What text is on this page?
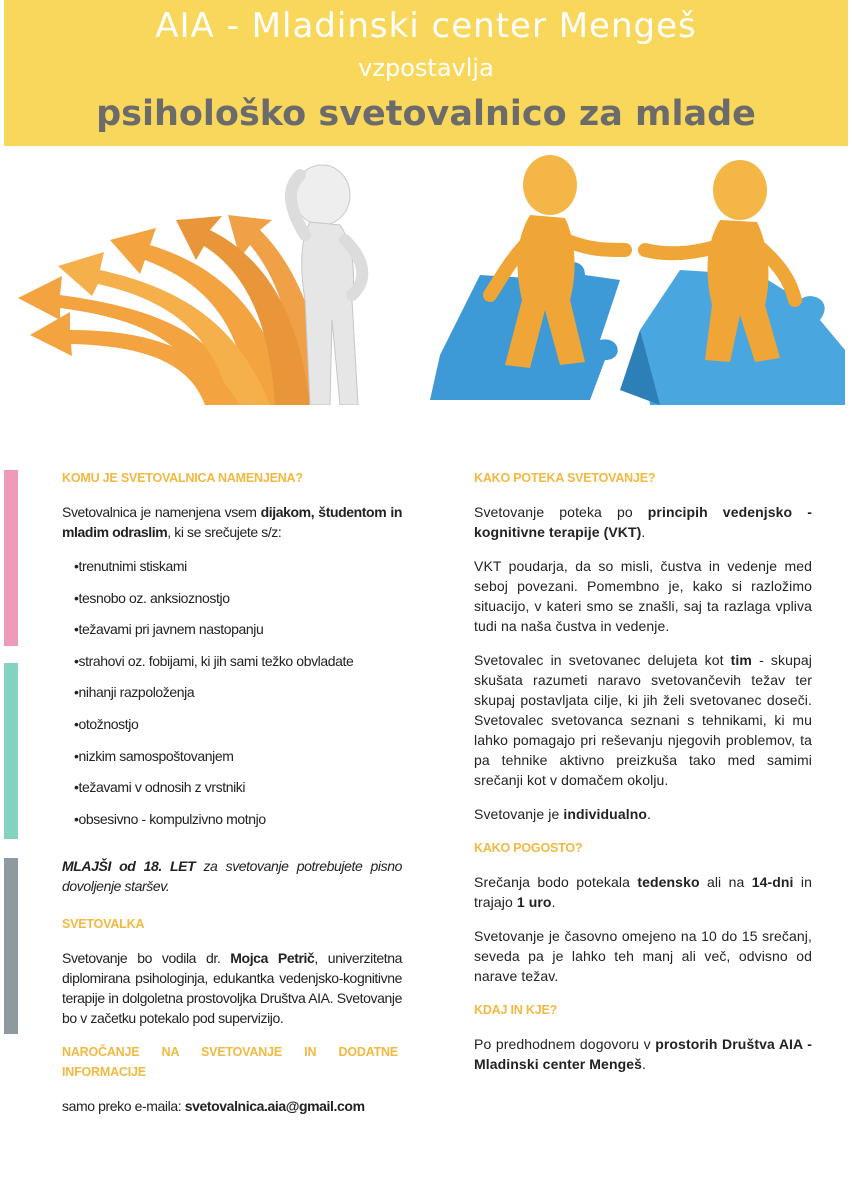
AIA - Mladinski center Mengeš
vzpostavlja
psihološko svetovalnico za mlade
KOMU JE SVETOVALNICA NAMENJENA?

Svetovalnica je namenjena vsem dijakom, študentom in mladim odraslim, ki se srečujete s/z:

• trenutnimi stiskami
• tesnobo oz. anksioznostjo
• težavami pri javnem nastopanju
• strahovi oz. fobijami, ki jih sami težko obvladate
• nihanji razpoloženja
• otožnostjo
• nizkim samospoštovanjem
• težavami v odnosih z vrstniki
• obsesivno - kompulzivno motnjo

MLAJŠI od 18. LET za svetovanje potrebujete pisno dovoljenje staršev.

SVETOVALKA

Svetovanje bo vodila dr. Mojca Petrič, univerzitetna diplomirana psihologinja, edukantka vedenjsko-kognitivne terapije in dolgoletna prostovoljka Društva AIA. Svetovanje bo v začetku potekalo pod supervizijo.

NAROČANJE NA SVETOVANJE IN DODATNE INFORMACIJE

samo preko e-maila: svetovalnica.aia@gmail.com

KAKO POTEKA SVETOVANJE?

Svetovanje poteka po principih vedenjsko - kognitivne terapije (VKT).

VKT poudarja, da so misli, čustva in vedenje med seboj povezani. Pomembno je, kako si razložimo situacijo, v kateri smo se znašli, saj ta razlaga vpliva tudi na naša čustva in vedenje.

Svetovalec in svetovanec delujeta kot tim - skupaj skušata razumeti naravo svetovančevih težav ter skupaj postavljata cilje, ki jih želi svetovanec doseči. Svetovalec svetovanca seznani s tehnikami, ki mu lahko pomagajo pri reševanju njegovih problemov, ta pa tehnike aktivno preizkuša tako med samimi srečanji kot v domačem okolju.

Svetovanje je individualno.

KAKO POGOSTO?

Srečanja bodo potekala tedensko ali na 14-dni in trajajo 1 uro.

Svetovanje je časovno omejeno na 10 do 15 srečanj, seveda pa je lahko teh manj ali več, odvisno od narave težav.

KDAJ IN KJE?

Po predhodnem dogovoru v prostorih Društva AIA - Mladinski center Mengeš.
